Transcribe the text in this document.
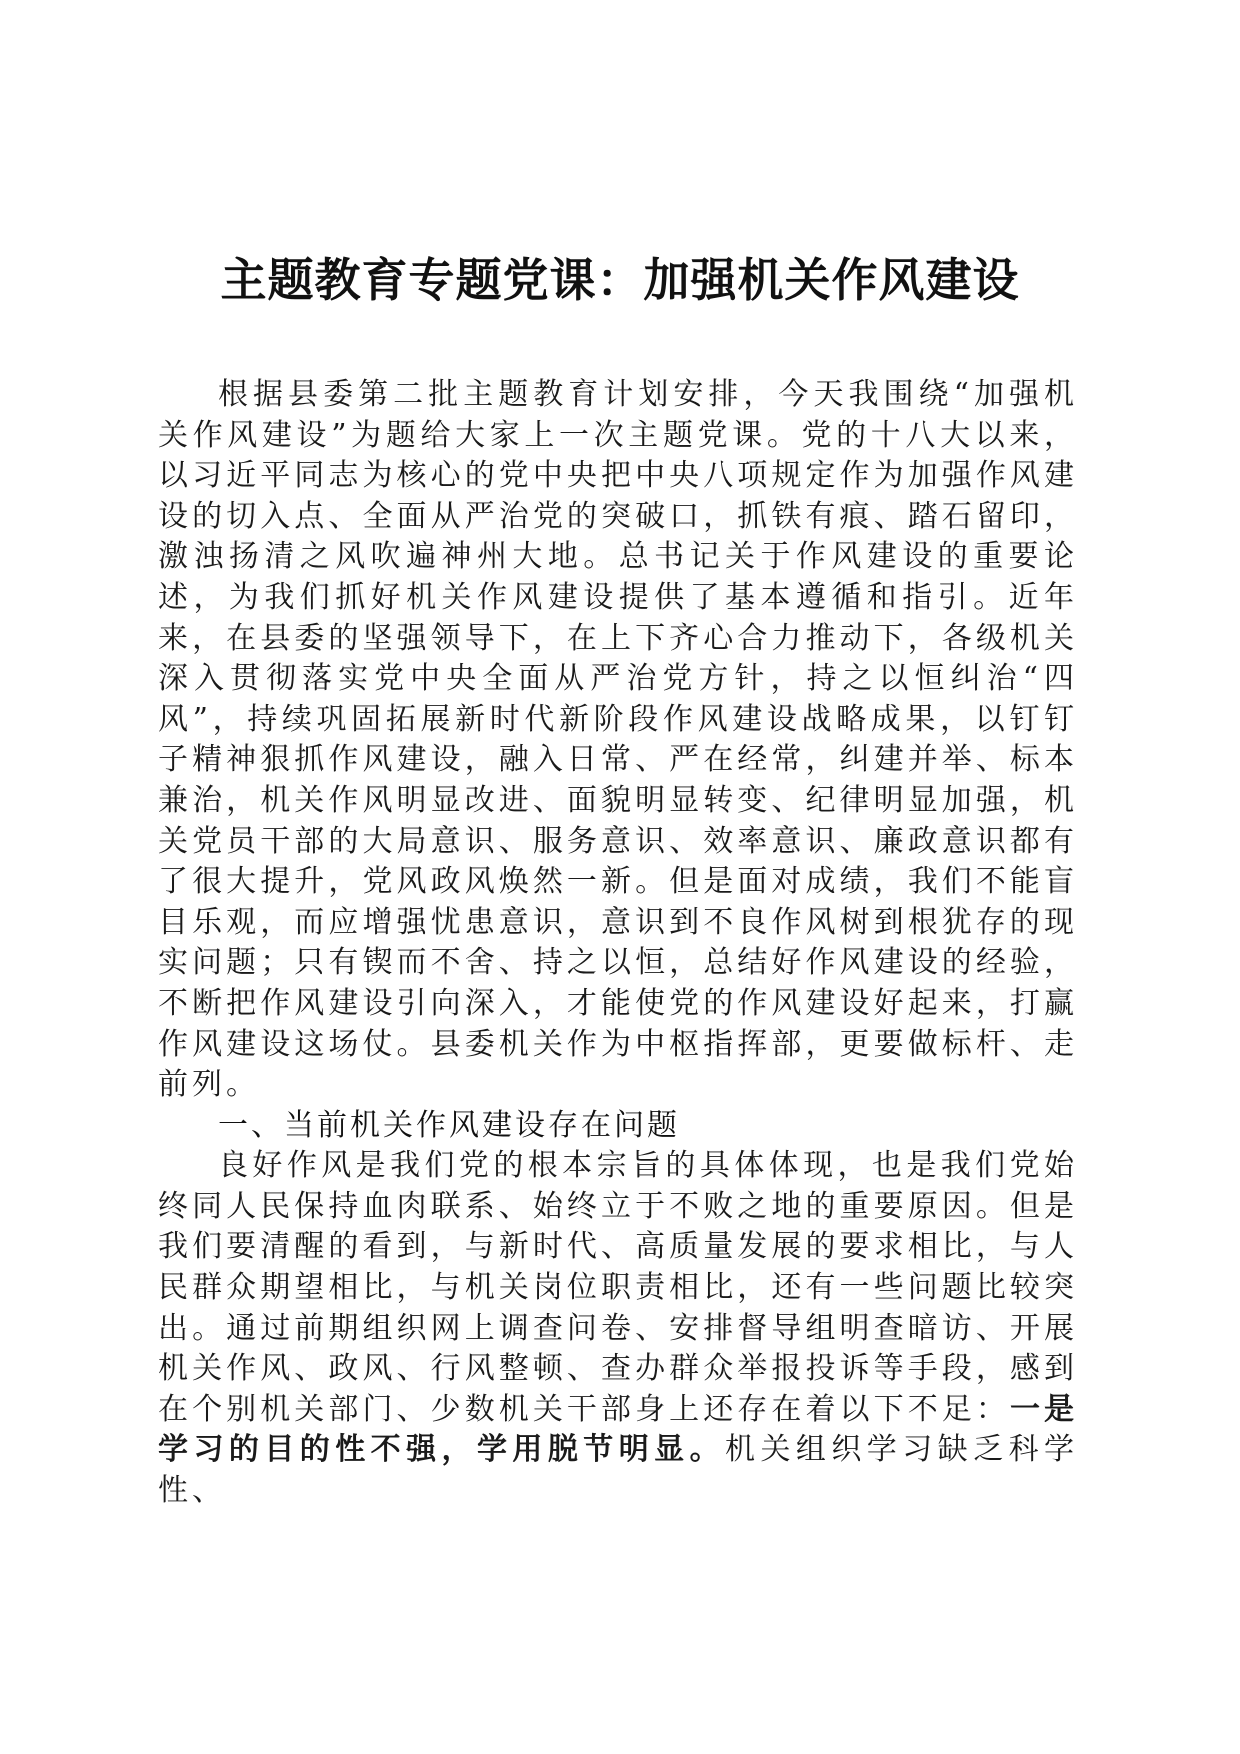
主题教育专题党课：加强机关作风建设

根据县委第二批主题教育计划安排，今天我围绕“加强机关作风建设”为题给大家上一次主题党课。党的十八大以来，以习近平同志为核心的党中央把中央八项规定作为加强作风建设的切入点、全面从严治党的突破口，抓铁有痕、踏石留印，激浊扬清之风吹遍神州大地。总书记关于作风建设的重要论述，为我们抓好机关作风建设提供了基本遵循和指引。近年来，在县委的坚强领导下，在上下齐心合力推动下，各级机关深入贯彻落实党中央全面从严治党方针，持之以恒纠治“四风”，持续巩固拓展新时代新阶段作风建设战略成果，以钉钉子精神狠抓作风建设，融入日常、严在经常，纠建并举、标本兼治，机关作风明显改进、面貌明显转变、纪律明显加强，机关党员干部的大局意识、服务意识、效率意识、廉政意识都有了很大提升，党风政风焕然一新。但是面对成绩，我们不能盲目乐观，而应增强忧患意识，意识到不良作风树到根犹存的现实问题；只有锲而不舍、持之以恒，总结好作风建设的经验，不断把作风建设引向深入，才能使党的作风建设好起来，打赢作风建设这场仗。县委机关作为中枢指挥部，更要做标杆、走前列。

一、当前机关作风建设存在问题

良好作风是我们党的根本宗旨的具体体现，也是我们党始终同人民保持血肉联系、始终立于不败之地的重要原因。但是我们要清醒的看到，与新时代、高质量发展的要求相比，与人民群众期望相比，与机关岗位职责相比，还有一些问题比较突出。通过前期组织网上调查问卷、安排督导组明查暗访、开展机关作风、政风、行风整顿、查办群众举报投诉等手段，感到在个别机关部门、少数机关干部身上还存在着以下不足：一是学习的目的性不强，学用脱节明显。机关组织学习缺乏科学性、
